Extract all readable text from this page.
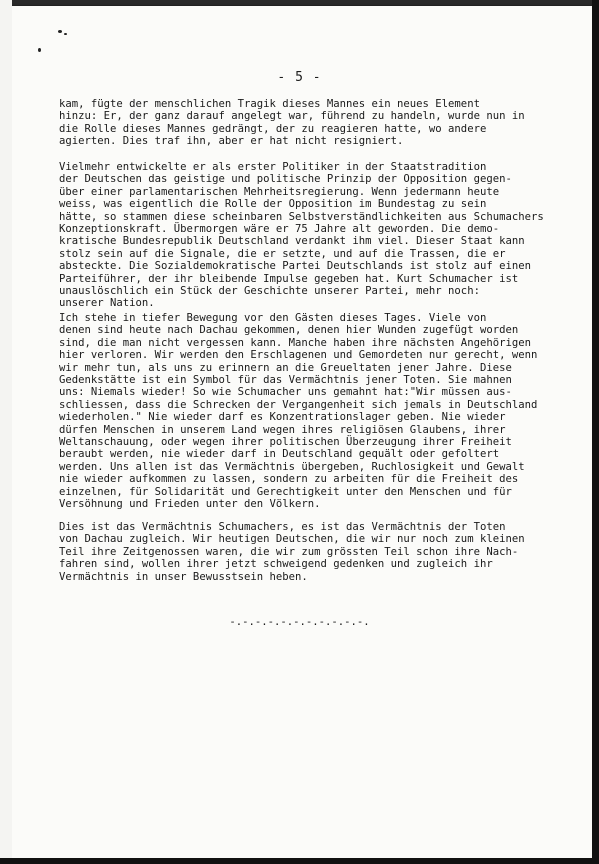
- 5 -
kam, fügte der menschlichen Tragik dieses Mannes ein neues Element
hinzu: Er, der ganz darauf angelegt war, führend zu handeln, wurde nun in
die Rolle dieses Mannes gedrängt, der zu reagieren hatte, wo andere
agierten. Dies traf ihn, aber er hat nicht resigniert.
Vielmehr entwickelte er als erster Politiker in der Staatstradition
der Deutschen das geistige und politische Prinzip der Opposition gegen-
über einer parlamentarischen Mehrheitsregierung. Wenn jedermann heute
weiss, was eigentlich die Rolle der Opposition im Bundestag zu sein
hätte, so stammen diese scheinbaren Selbstverständlichkeiten aus Schumachers
Konzeptionskraft. Übermorgen wäre er 75 Jahre alt geworden. Die demo-
kratische Bundesrepublik Deutschland verdankt ihm viel. Dieser Staat kann
stolz sein auf die Signale, die er setzte, und auf die Trassen, die er
absteckte. Die Sozialdemokratische Partei Deutschlands ist stolz auf einen
Parteiführer, der ihr bleibende Impulse gegeben hat. Kurt Schumacher ist
unauslöschlich ein Stück der Geschichte unserer Partei, mehr noch:
unserer Nation.
Ich stehe in tiefer Bewegung vor den Gästen dieses Tages. Viele von
denen sind heute nach Dachau gekommen, denen hier Wunden zugefügt worden
sind, die man nicht vergessen kann. Manche haben ihre nächsten Angehörigen
hier verloren. Wir werden den Erschlagenen und Gemordeten nur gerecht, wenn
wir mehr tun, als uns zu erinnern an die Greueltaten jener Jahre. Diese
Gedenkstätte ist ein Symbol für das Vermächtnis jener Toten. Sie mahnen
uns: Niemals wieder! So wie Schumacher uns gemahnt hat:"Wir müssen aus-
schliessen, dass die Schrecken der Vergangenheit sich jemals in Deutschland
wiederholen." Nie wieder darf es Konzentrationslager geben. Nie wieder
dürfen Menschen in unserem Land wegen ihres religiösen Glaubens, ihrer
Weltanschauung, oder wegen ihrer politischen Überzeugung ihrer Freiheit
beraubt werden, nie wieder darf in Deutschland gequält oder gefoltert
werden. Uns allen ist das Vermächtnis übergeben, Ruchlosigkeit und Gewalt
nie wieder aufkommen zu lassen, sondern zu arbeiten für die Freiheit des
einzelnen, für Solidarität und Gerechtigkeit unter den Menschen und für
Versöhnung und Frieden unter den Völkern.
Dies ist das Vermächtnis Schumachers, es ist das Vermächtnis der Toten
von Dachau zugleich. Wir heutigen Deutschen, die wir nur noch zum kleinen
Teil ihre Zeitgenossen waren, die wir zum grössten Teil schon ihre Nach-
fahren sind, wollen ihrer jetzt schweigend gedenken und zugleich ihr
Vermächtnis in unser Bewusstsein heben.
-.-.-.-.-.-.-.-.-.-.-.
